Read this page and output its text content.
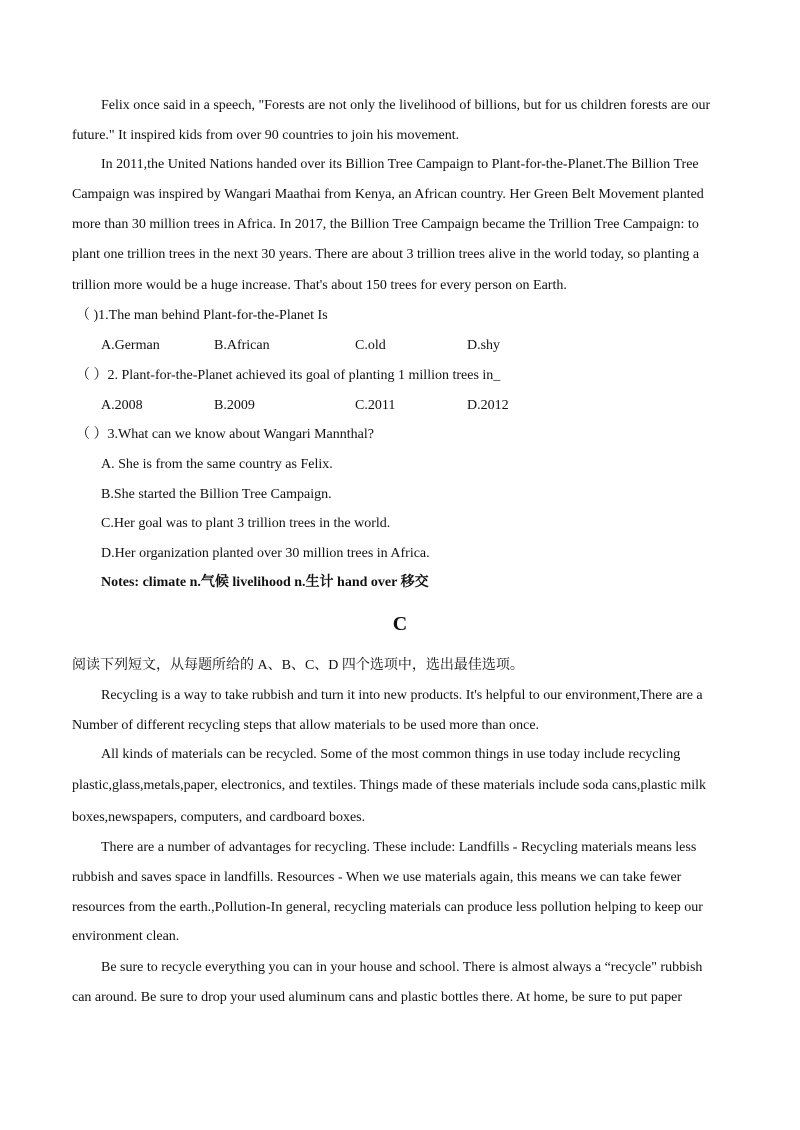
Felix once said in a speech, "Forests are not only the livelihood of billions, but for us children forests are our
future." It inspired kids from over 90 countries to join his movement.
In 2011,the United Nations handed over its Billion Tree Campaign to Plant-for-the-Planet.The Billion Tree
Campaign was inspired by Wangari Maathai from Kenya, an African country. Her Green Belt Movement planted
more than 30 million trees in Africa. In 2017, the Billion Tree Campaign became the Trillion Tree Campaign: to
plant one trillion trees in the next 30 years. There are about 3 trillion trees alive in the world today, so planting a
trillion more would be a huge increase. That's about 150 trees for every person on Earth.
（ )1.The man behind Plant-for-the-Planet Is
A.German	B.African	C.old	D.shy
（ ）2. Plant-for-the-Planet achieved its goal of planting 1 million trees in_
A.2008	B.2009	C.2011	D.2012
（ ）3.What can we know about Wangari Mannthal?
A. She is from the same country as Felix.
B.She started the Billion Tree Campaign.
C.Her goal was to plant 3 trillion trees in the world.
D.Her organization planted over 30 million trees in Africa.
Notes: climate n.气候 livelihood n.生计 hand over 移交
C
阅读下列短文，从每题所给的 A、B、C、D 四个选项中，选出最佳选项。
Recycling is a way to take rubbish and turn it into new products. It's helpful to our environment,There are a
Number of different recycling steps that allow materials to be used more than once.
All kinds of materials can be recycled. Some of the most common things in use today include recycling
plastic,glass,metals,paper, electronics, and textiles. Things made of these materials include soda cans,plastic milk
boxes,newspapers, computers, and cardboard boxes.
There are a number of advantages for recycling. These include: Landfills - Recycling materials means less
rubbish and saves space in landfills. Resources - When we use materials again, this means we can take fewer
resources from the earth.,Pollution-In general, recycling materials can produce less pollution helping to keep our
environment clean.
Be sure to recycle everything you can in your house and school. There is almost always a “recycle" rubbish
can around. Be sure to drop your used aluminum cans and plastic bottles there. At home, be sure to put paper
